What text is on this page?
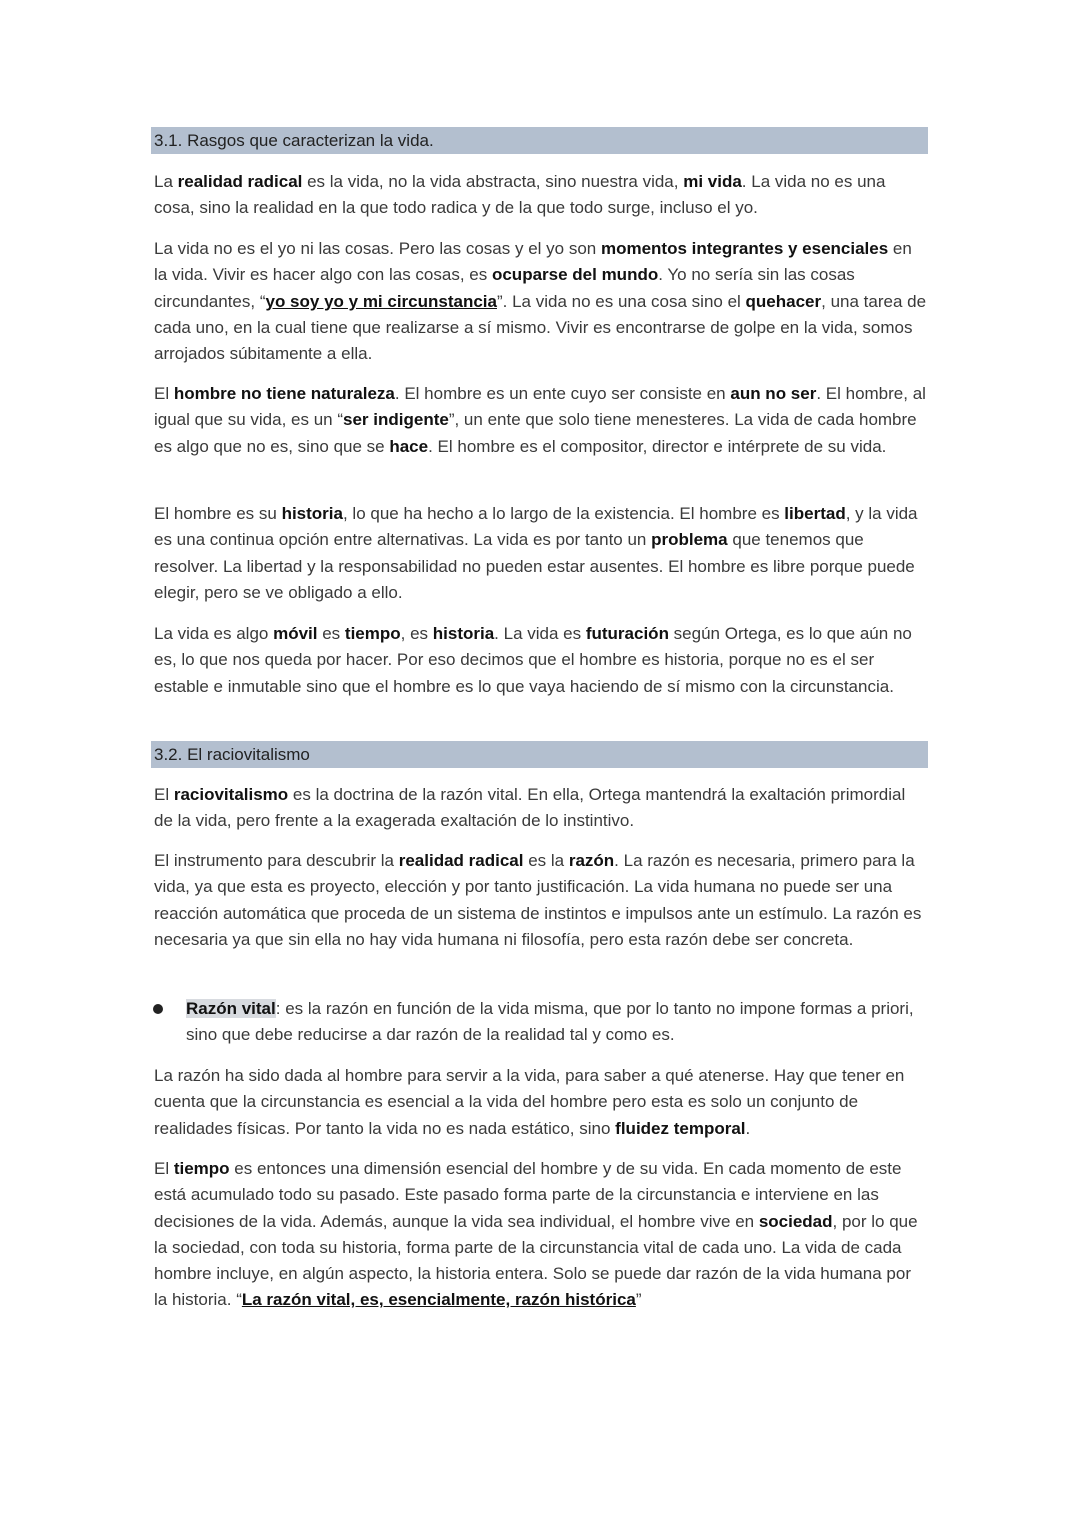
3.1. Rasgos que caracterizan la vida.

La realidad radical es la vida, no la vida abstracta, sino nuestra vida, mi vida. La vida no es una cosa, sino la realidad en la que todo radica y de la que todo surge, incluso el yo.

La vida no es el yo ni las cosas. Pero las cosas y el yo son momentos integrantes y esenciales en la vida. Vivir es hacer algo con las cosas, es ocuparse del mundo. Yo no sería sin las cosas circundantes, “yo soy yo y mi circunstancia”. La vida no es una cosa sino el quehacer, una tarea de cada uno, en la cual tiene que realizarse a sí mismo. Vivir es encontrarse de golpe en la vida, somos arrojados súbitamente a ella.

El hombre no tiene naturaleza. El hombre es un ente cuyo ser consiste en aun no ser. El hombre, al igual que su vida, es un “ser indigente”, un ente que solo tiene menesteres. La vida de cada hombre es algo que no es, sino que se hace. El hombre es el compositor, director e intérprete de su vida.

El hombre es su historia, lo que ha hecho a lo largo de la existencia. El hombre es libertad, y la vida es una continua opción entre alternativas. La vida es por tanto un problema que tenemos que resolver. La libertad y la responsabilidad no pueden estar ausentes. El hombre es libre porque puede elegir, pero se ve obligado a ello.

La vida es algo móvil es tiempo, es historia. La vida es futuración según Ortega, es lo que aún no es, lo que nos queda por hacer. Por eso decimos que el hombre es historia, porque no es el ser estable e inmutable sino que el hombre es lo que vaya haciendo de sí mismo con la circunstancia.

3.2. El raciovitalismo

El raciovitalismo es la doctrina de la razón vital. En ella, Ortega mantendrá la exaltación primordial de la vida, pero frente a la exagerada exaltación de lo instintivo.

El instrumento para descubrir la realidad radical es la razón. La razón es necesaria, primero para la vida, ya que esta es proyecto, elección y por tanto justificación. La vida humana no puede ser una reacción automática que proceda de un sistema de instintos e impulsos ante un estímulo. La razón es necesaria ya que sin ella no hay vida humana ni filosofía, pero esta razón debe ser concreta.

Razón vital: es la razón en función de la vida misma, que por lo tanto no impone formas a priori, sino que debe reducirse a dar razón de la realidad tal y como es.

La razón ha sido dada al hombre para servir a la vida, para saber a qué atenerse. Hay que tener en cuenta que la circunstancia es esencial a la vida del hombre pero esta es solo un conjunto de realidades físicas. Por tanto la vida no es nada estático, sino fluidez temporal.

El tiempo es entonces una dimensión esencial del hombre y de su vida. En cada momento de este está acumulado todo su pasado. Este pasado forma parte de la circunstancia e interviene en las decisiones de la vida. Además, aunque la vida sea individual, el hombre vive en sociedad, por lo que la sociedad, con toda su historia, forma parte de la circunstancia vital de cada uno. La vida de cada hombre incluye, en algún aspecto, la historia entera. Solo se puede dar razón de la vida humana por la historia. “La razón vital, es, esencialmente, razón histórica”
